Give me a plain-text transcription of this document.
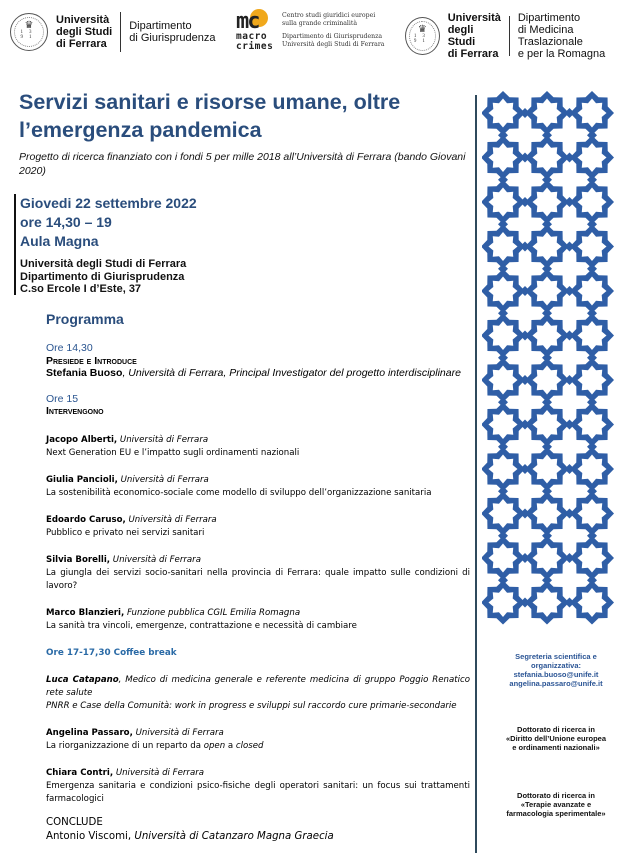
13 91
♛
Università
degli Studi
di Ferrara
Dipartimento
di Giurisprudenza
mc
macro
crimes
Centro studi giuridici europei
sulla grande criminalità
Dipartimento di Giurisprudenza
Università degli Studi di Ferrara
13 91
♛
Università
degli Studi
di Ferrara
Dipartimento
di Medicina Traslazionale
e per la Romagna
Servizi sanitari e risorse umane, oltre
l’emergenza pandemica
Progetto di ricerca finanziato con i fondi 5 per mille 2018 all’Università di Ferrara (bando Giovani 2020)
Giovedi 22 settembre 2022
ore 14,30 – 19
Aula Magna
Università degli Studi di Ferrara
Dipartimento di Giurisprudenza
C.so Ercole I d’Este, 37
Programma
Ore 14,30
Presiede e Introduce
Stefania Buoso, Università di Ferrara, Principal Investigator del progetto interdisciplinare
Ore 15
Intervengono
Jacopo Alberti, Università di Ferrara
Next Generation EU e l’impatto sugli ordinamenti nazionali
Giulia Pancioli, Università di Ferrara
La sostenibilità economico-sociale come modello di sviluppo dell’organizzazione sanitaria
Edoardo Caruso, Università di Ferrara
Pubblico e privato nei servizi sanitari
Silvia Borelli, Università di Ferrara
La giungla dei servizi socio-sanitari nella provincia di Ferrara: quale impatto sulle condizioni di lavoro?
Marco Blanzieri, Funzione pubblica CGIL Emilia Romagna
La sanità tra vincoli, emergenze, contrattazione e necessità di cambiare
Ore 17-17,30 Coffee break
Luca Catapano, Medico di medicina generale e referente medicina di gruppo Poggio Renatico rete salute
PNRR e Case della Comunità: work in progress e sviluppi sul raccordo cure primarie-secondarie
Angelina Passaro, Università di Ferrara
La riorganizzazione di un reparto da open a closed
Chiara Contri, Università di Ferrara
Emergenza sanitaria e condizioni psico-fisiche degli operatori sanitari: un focus sui trattamenti farmacologici
CONCLUDE
Antonio Viscomi, Università di Catanzaro Magna Graecia
Segreteria scientifica e
organizzativa:
stefania.buoso@unife.it
angelina.passaro@unife.it
Dottorato di ricerca in
«Diritto dell’Unione europea
e ordinamenti nazionali»
Dottorato di ricerca in
«Terapie avanzate e
farmacologia sperimentale»
